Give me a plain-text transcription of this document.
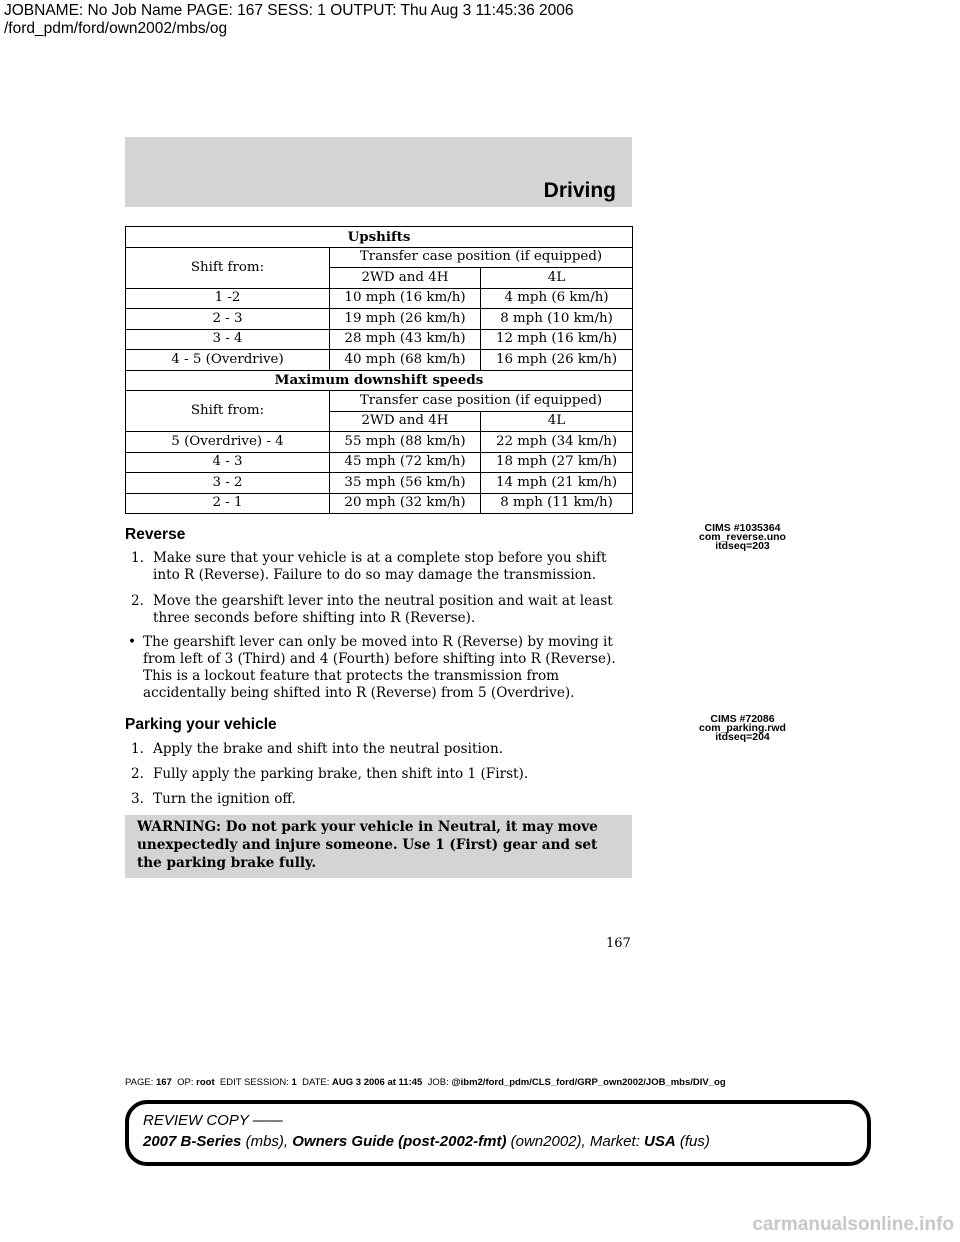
JOBNAME: No Job Name PAGE: 167 SESS: 1 OUTPUT: Thu Aug 3 11:45:36 2006
/ford_pdm/ford/own2002/mbs/og
Driving
Upshifts		
Shift from:	Transfer case position (if equipped)	
	2WD and 4H	4L
1 -2	10 mph (16 km/h)	4 mph (6 km/h)
2 - 3	19 mph (26 km/h)	8 mph (10 km/h)
3 - 4	28 mph (43 km/h)	12 mph (16 km/h)
4 - 5 (Overdrive)	40 mph (68 km/h)	16 mph (26 km/h)
Maximum downshift speeds		
Shift from:	Transfer case position (if equipped)	
	2WD and 4H	4L
5 (Overdrive) - 4	55 mph (88 km/h)	22 mph (34 km/h)
4 - 3	45 mph (72 km/h)	18 mph (27 km/h)
3 - 2	35 mph (56 km/h)	14 mph (21 km/h)
2 - 1	20 mph (32 km/h)	8 mph (11 km/h)
Reverse	CIMS #1035364
com_reverse.uno
itdseq=203
1. Make sure that your vehicle is at a complete stop before you shift into R (Reverse). Failure to do so may damage the transmission.
2. Move the gearshift lever into the neutral position and wait at least three seconds before shifting into R (Reverse).
• The gearshift lever can only be moved into R (Reverse) by moving it from left of 3 (Third) and 4 (Fourth) before shifting into R (Reverse). This is a lockout feature that protects the transmission from accidentally being shifted into R (Reverse) from 5 (Overdrive).
Parking your vehicle	CIMS #72086
com_parking.rwd
itdseq=204
1. Apply the brake and shift into the neutral position.
2. Fully apply the parking brake, then shift into 1 (First).
3. Turn the ignition off.
WARNING: Do not park your vehicle in Neutral, it may move unexpectedly and injure someone. Use 1 (First) gear and set the parking brake fully.
167
PAGE: 167 OP: root EDIT SESSION: 1 DATE: AUG 3 2006 at 11:45 JOB: @ibm2/ford_pdm/CLS_ford/GRP_own2002/JOB_mbs/DIV_og
REVIEW COPY ——
2007 B-Series (mbs), Owners Guide (post-2002-fmt) (own2002), Market: USA (fus)
carmanualsonline.info
